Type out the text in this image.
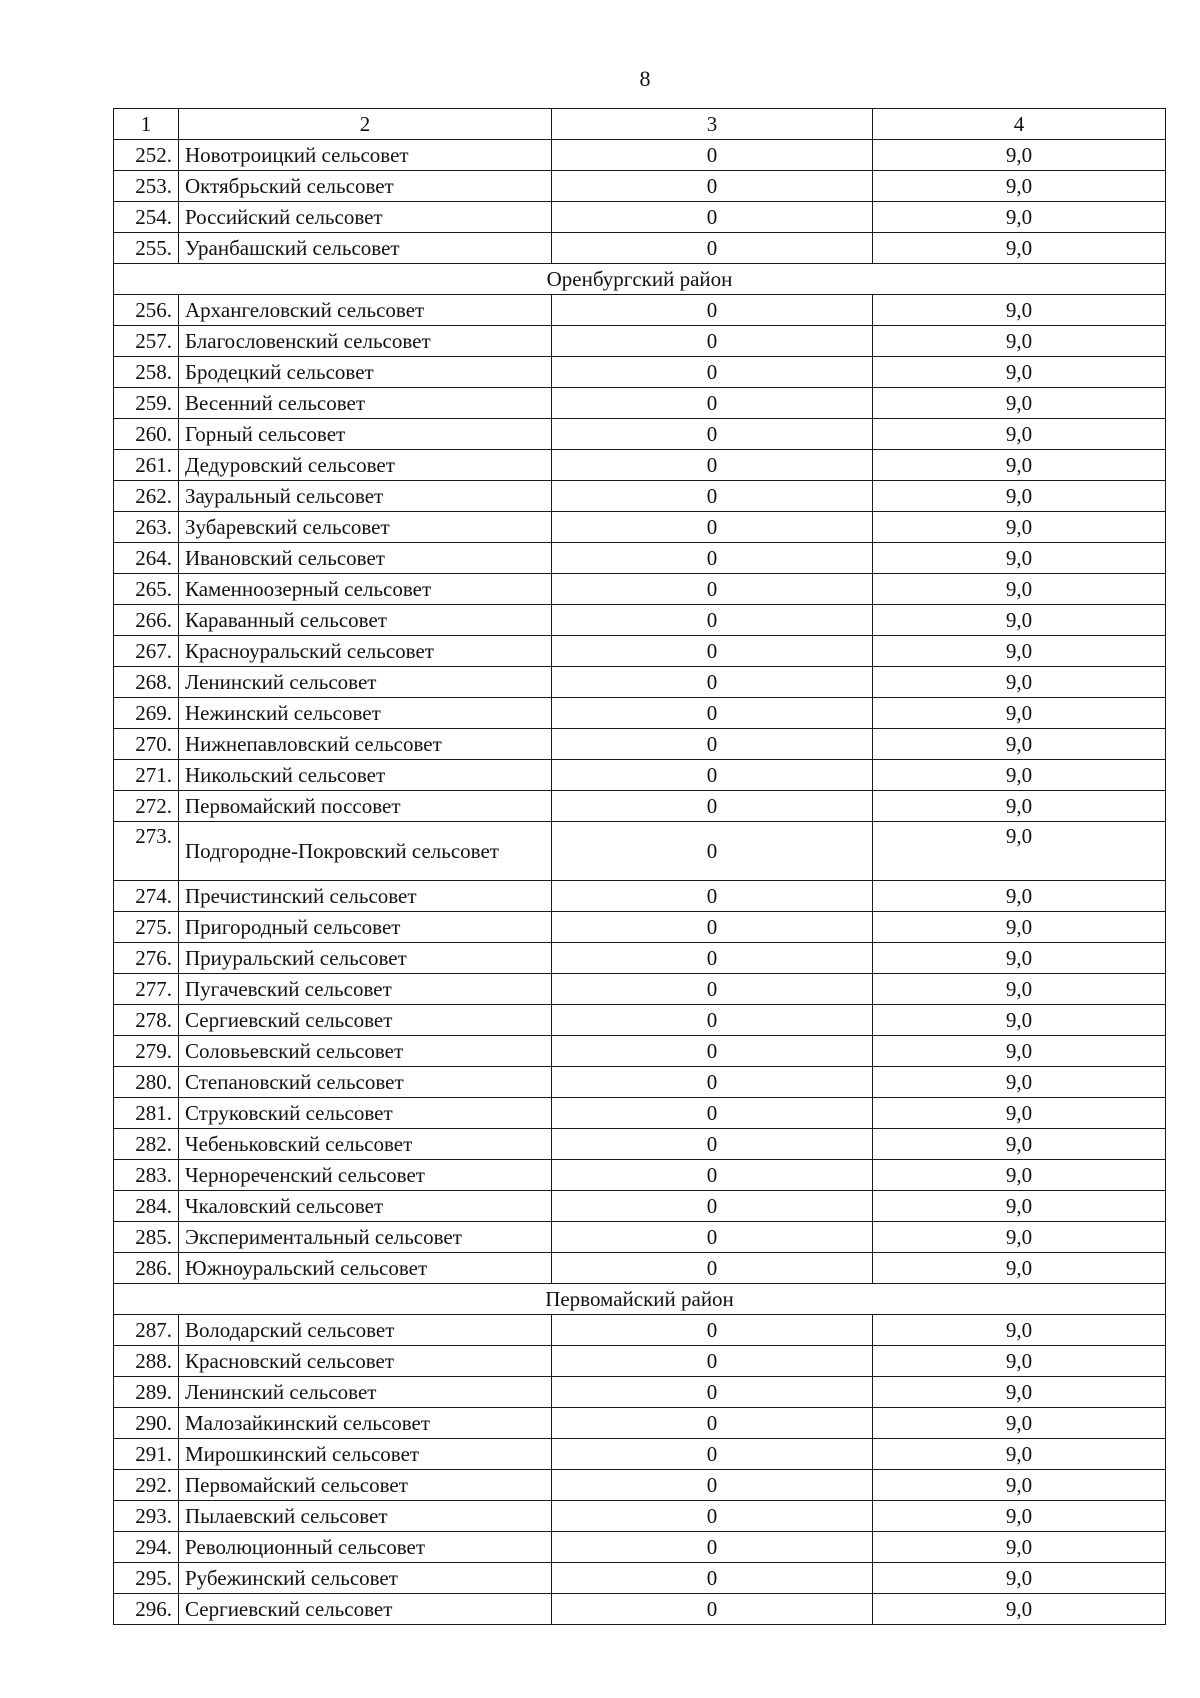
8
1	2	3	4
252.	Новотроицкий сельсовет	0	9,0
253.	Октябрьский сельсовет	0	9,0
254.	Российский сельсовет	0	9,0
255.	Уранбашский сельсовет	0	9,0
Оренбургский район			
256.	Архангеловский сельсовет	0	9,0
257.	Благословенский сельсовет	0	9,0
258.	Бродецкий сельсовет	0	9,0
259.	Весенний сельсовет	0	9,0
260.	Горный сельсовет	0	9,0
261.	Дедуровский сельсовет	0	9,0
262.	Зауральный сельсовет	0	9,0
263.	Зубаревский сельсовет	0	9,0
264.	Ивановский сельсовет	0	9,0
265.	Каменноозерный сельсовет	0	9,0
266.	Караванный сельсовет	0	9,0
267.	Красноуральский сельсовет	0	9,0
268.	Ленинский сельсовет	0	9,0
269.	Нежинский сельсовет	0	9,0
270.	Нижнепавловский сельсовет	0	9,0
271.	Никольский сельсовет	0	9,0
272.	Первомайский поссовет	0	9,0
273.	Подгородне-Покровский сельсовет	0	9,0
274.	Пречистинский сельсовет	0	9,0
275.	Пригородный сельсовет	0	9,0
276.	Приуральский сельсовет	0	9,0
277.	Пугачевский сельсовет	0	9,0
278.	Сергиевский сельсовет	0	9,0
279.	Соловьевский сельсовет	0	9,0
280.	Степановский сельсовет	0	9,0
281.	Струковский сельсовет	0	9,0
282.	Чебеньковский сельсовет	0	9,0
283.	Чернореченский сельсовет	0	9,0
284.	Чкаловский сельсовет	0	9,0
285.	Экспериментальный сельсовет	0	9,0
286.	Южноуральский сельсовет	0	9,0
Первомайский район			
287.	Володарский сельсовет	0	9,0
288.	Красновский сельсовет	0	9,0
289.	Ленинский сельсовет	0	9,0
290.	Малозайкинский сельсовет	0	9,0
291.	Мирошкинский сельсовет	0	9,0
292.	Первомайский сельсовет	0	9,0
293.	Пылаевский сельсовет	0	9,0
294.	Революционный сельсовет	0	9,0
295.	Рубежинский сельсовет	0	9,0
296.	Сергиевский сельсовет	0	9,0
